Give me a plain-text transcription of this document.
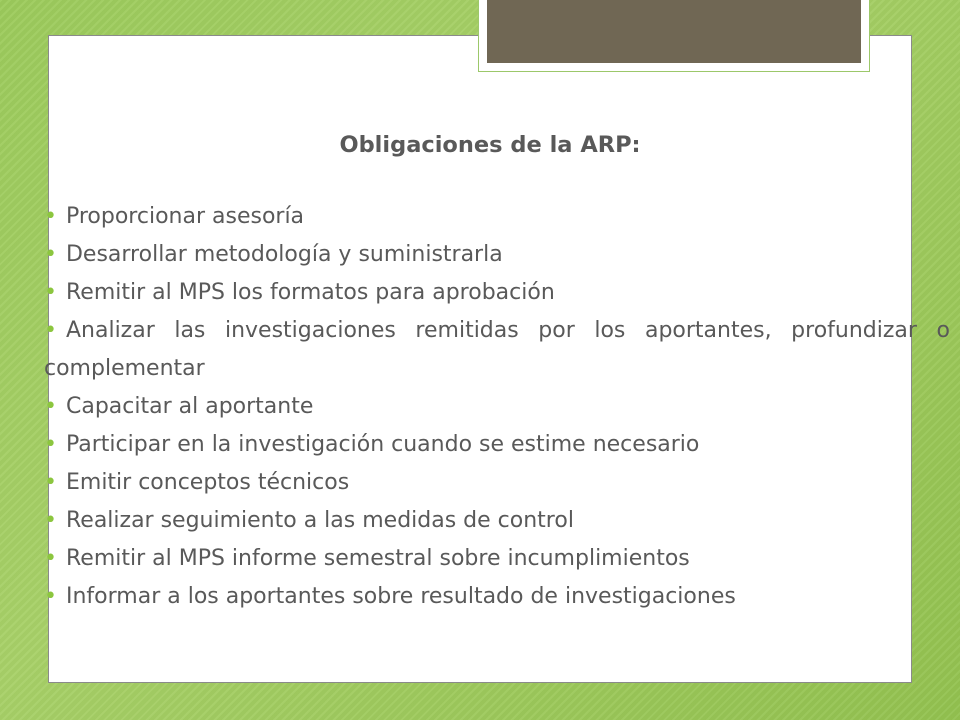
Obligaciones de la ARP:
• Proporcionar asesoría
• Desarrollar metodología y suministrarla
• Remitir al MPS los formatos para aprobación
• Analizar las investigaciones remitidas por los aportantes, profundizar o complementar
• Capacitar al aportante
• Participar en la investigación cuando se estime necesario
• Emitir conceptos técnicos
• Realizar seguimiento a las medidas de control
• Remitir al MPS informe semestral sobre incumplimientos
• Informar a los aportantes sobre resultado de investigaciones
